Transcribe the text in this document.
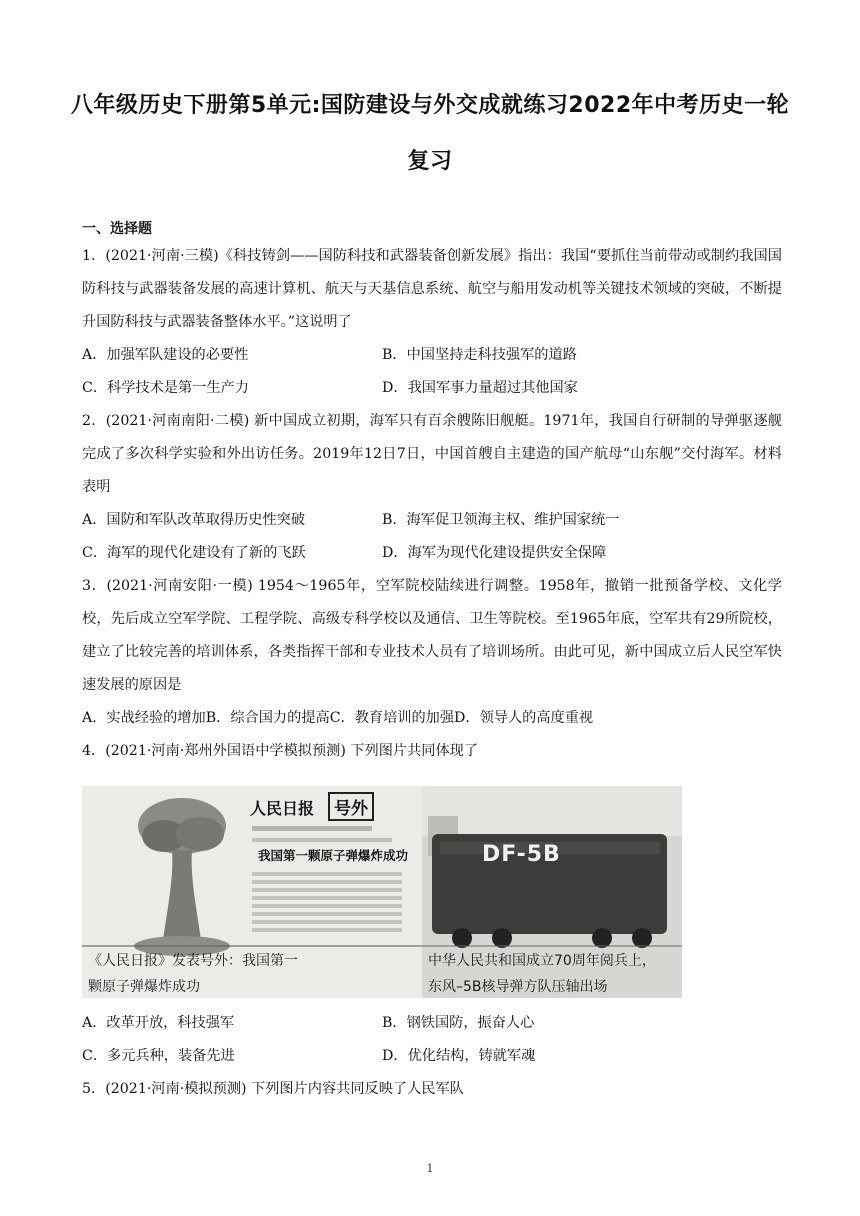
八年级历史下册第5单元:国防建设与外交成就练习2022年中考历史一轮
复习
一、选择题
1．(2021·河南·三模)《科技铸剑——国防科技和武器装备创新发展》指出：我国“要抓住当前带动或制约我国国防科技与武器装备发展的高速计算机、航天与天基信息系统、航空与船用发动机等关键技术领域的突破，不断提升国防科技与武器装备整体水平。”这说明了
A．加强军队建设的必要性	B．中国坚持走科技强军的道路
C．科学技术是第一生产力	D．我国军事力量超过其他国家
2．(2021·河南南阳·二模) 新中国成立初期，海军只有百余艘陈旧舰艇。1971年，我国自行研制的导弹驱逐舰完成了多次科学实验和外出访任务。2019年12日7日，中国首艘自主建造的国产航母“山东舰”交付海军。材料表明
A．国防和军队改革取得历史性突破	B．海军促卫领海主权、维护国家统一
C．海军的现代化建设有了新的飞跃	D．海军为现代化建设提供安全保障
3．(2021·河南安阳·一模) 1954～1965年，空军院校陆续进行调整。1958年，撤销一批预备学校、文化学校，先后成立空军学院、工程学院、高级专科学校以及通信、卫生等院校。至1965年底，空军共有29所院校，建立了比较完善的培训体系，各类指挥干部和专业技术人员有了培训场所。由此可见，新中国成立后人民空军快速发展的原因是
A．实战经验的增加 B．综合国力的提高 C．教育培训的加强 D．领导人的高度重视
4．(2021·河南·郑州外国语中学模拟预测) 下列图片共同体现了
人民日报	号外
我国第一颗原子弹爆炸成功
《人民日报》发表号外：我国第一
颗原子弹爆炸成功
DF-5B
中华人民共和国成立70周年阅兵上，
东风–5B核导弹方队压轴出场
A．改革开放，科技强军	B．钢铁国防，振奋人心
C．多元兵种，装备先进	D．优化结构，铸就军魂
5．(2021·河南·模拟预测) 下列图片内容共同反映了人民军队
1
